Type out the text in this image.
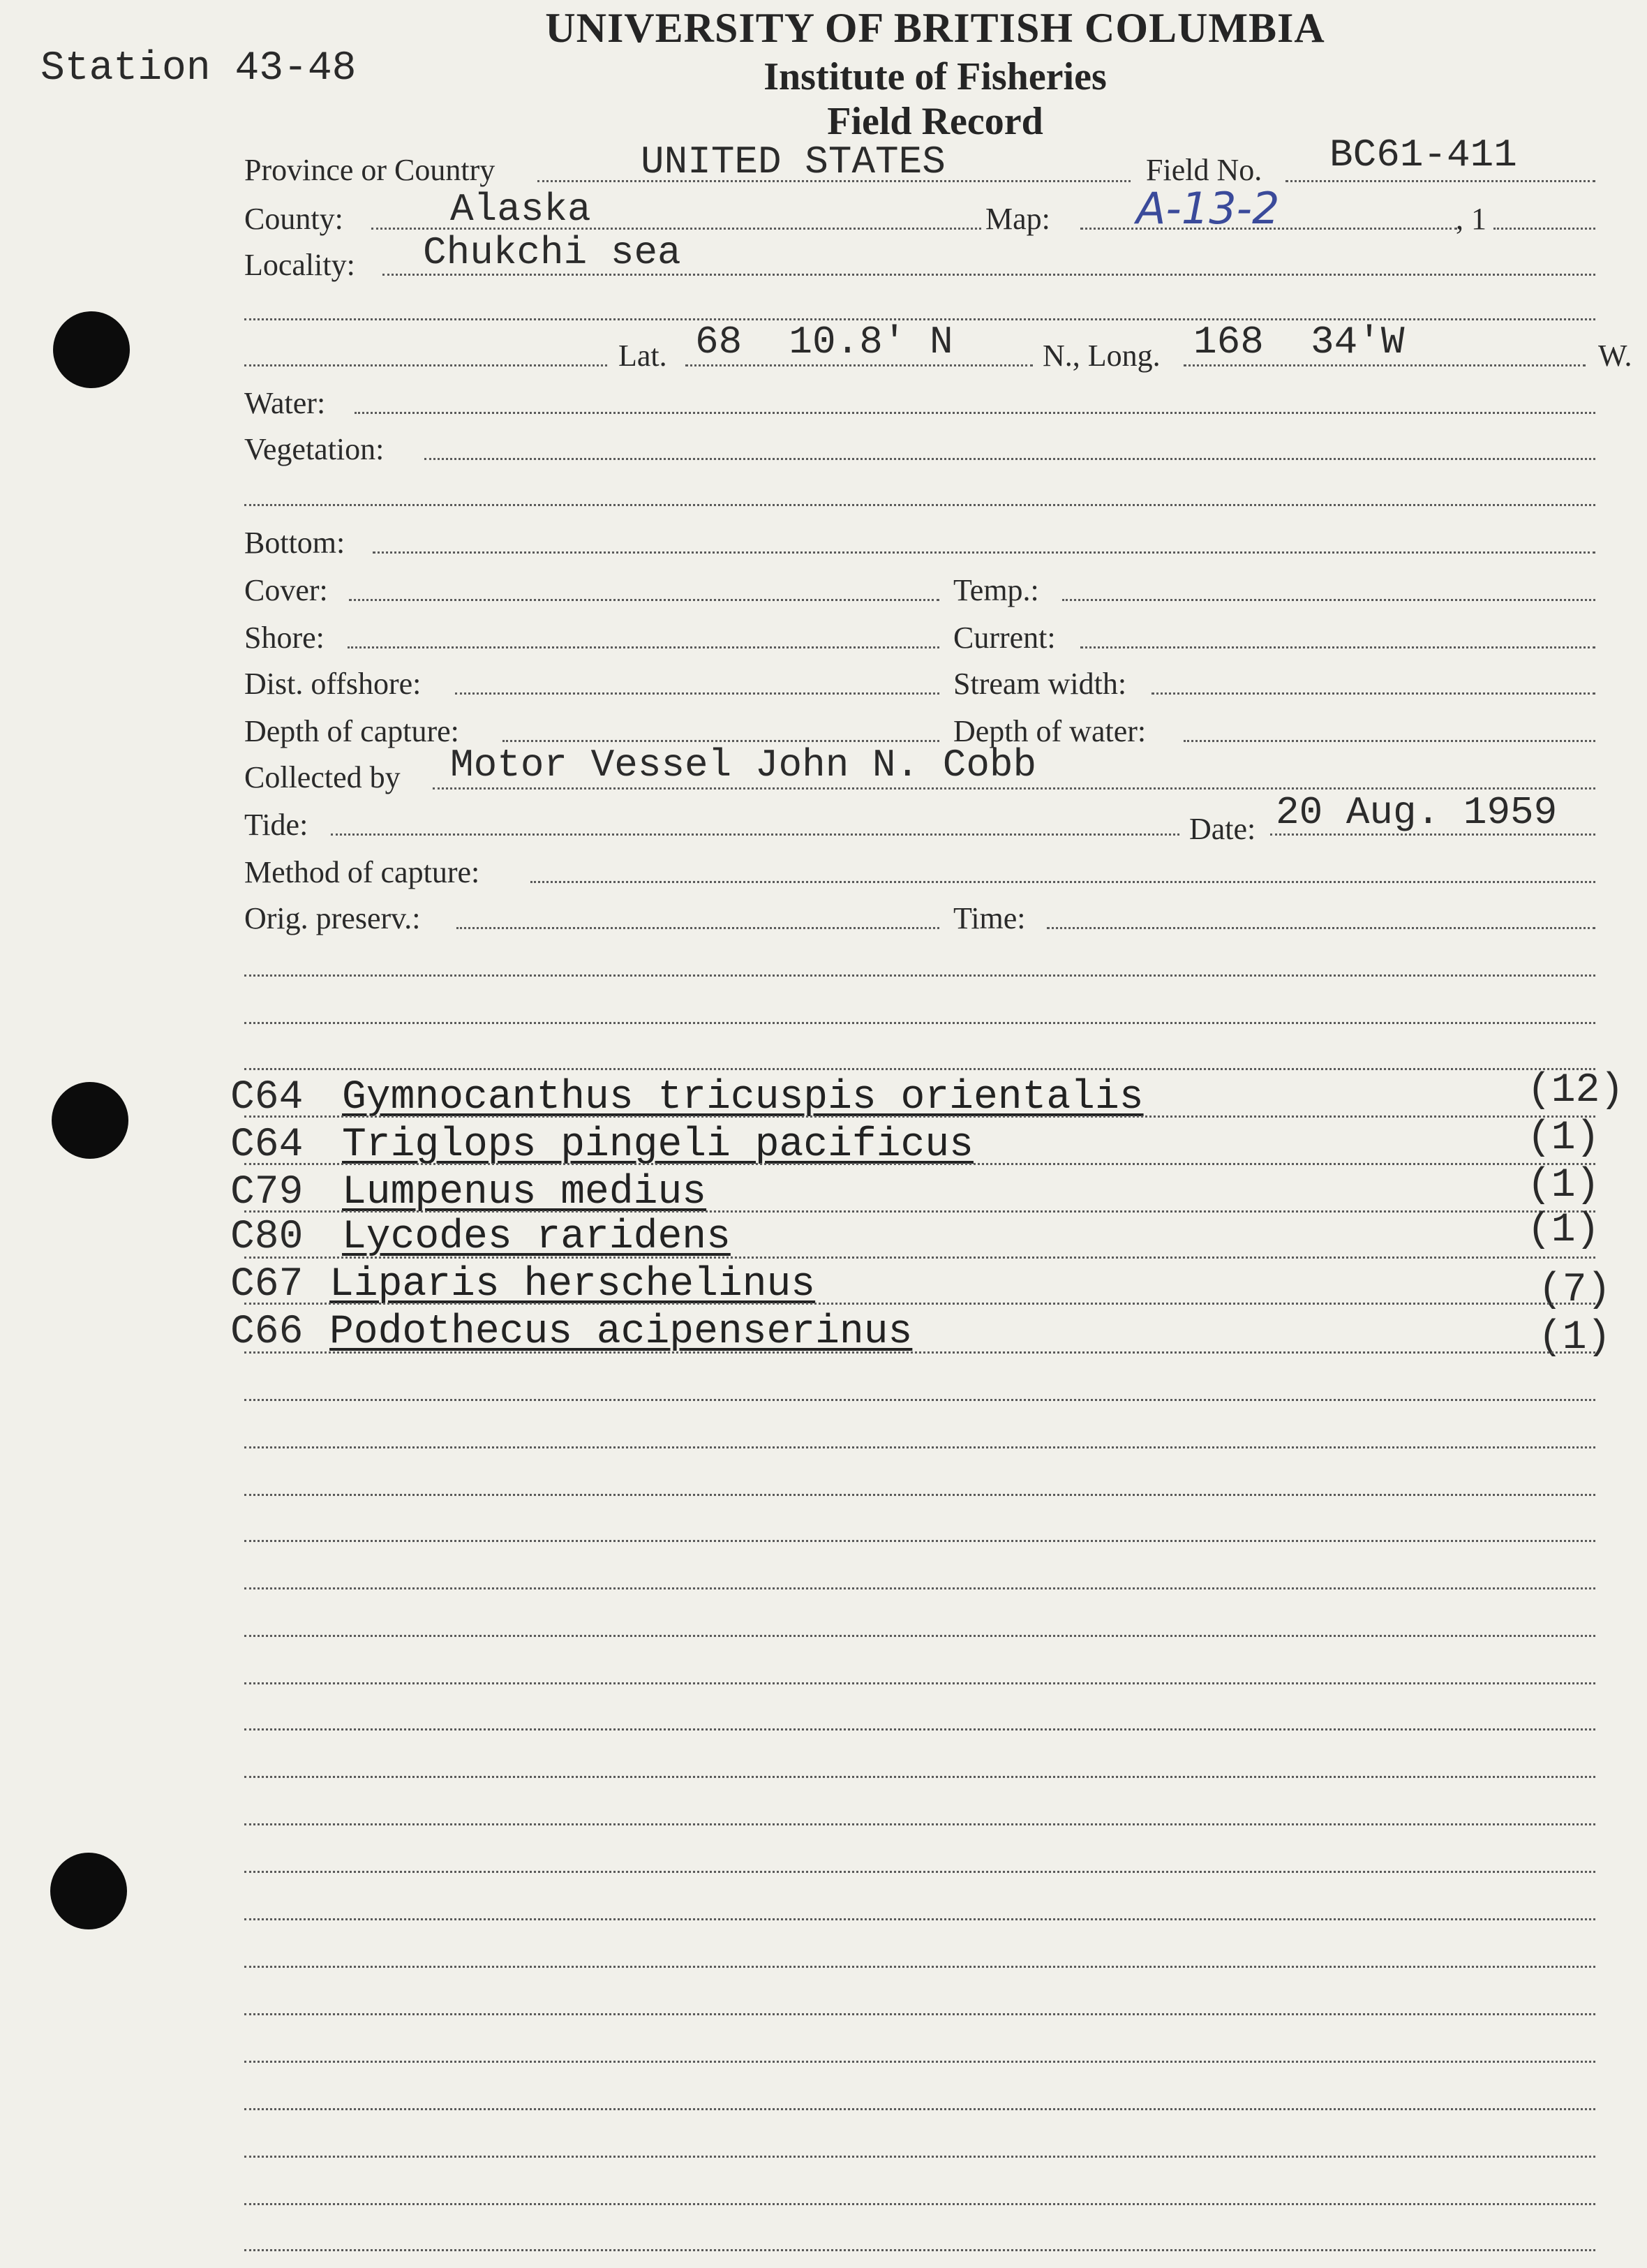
Station 43-48
UNIVERSITY OF BRITISH COLUMBIA
Institute of Fisheries
Field Record
Province or Country	UNITED STATES	Field No. BC61-411
County:	Alaska	Map: A-13-2	, 1
Locality: Chukchi sea
Lat. 68  10.8' N	N., Long. 168  34'W	W.
Water:
Vegetation:
Bottom:
Cover:	Temp.:
Shore:	Current:
Dist. offshore:	Stream width:
Depth of capture:	Depth of water:
Collected by Motor Vessel John N. Cobb
Tide:	Date: 20 Aug. 1959
Method of capture:
Orig. preserv.:	Time:
C64 Gymnocanthus tricuspis orientalis	(12)
C64 Triglops pingeli pacificus	(1)
C79 Lumpenus medius	(1)
C80 Lycodes raridens	(1)
C67 Liparis herschelinus	(7)
C66 Podothecus acipenserinus	(1)
